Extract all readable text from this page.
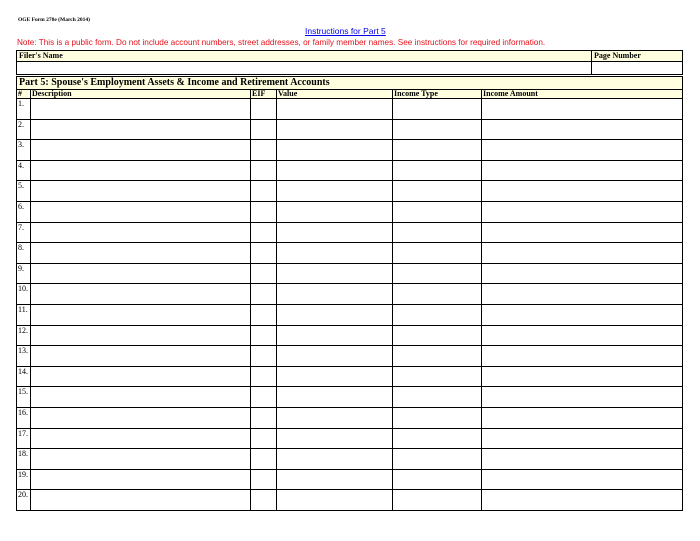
OGE Form 278e (March 2014)
Instructions for Part 5
Note: This is a public form. Do not include account numbers, street addresses, or family member names. See instructions for required information.
Filer's Name	Page Number

Part 5: Spouse's Employment Assets & Income and Retirement Accounts					
#	Description	EIF	Value	Income Type	Income Amount
1.					
2.					
3.					
4.					
5.					
6.					
7.					
8.					
9.					
10.					
11.					
12.					
13.					
14.					
15.					
16.					
17.					
18.					
19.					
20.					
